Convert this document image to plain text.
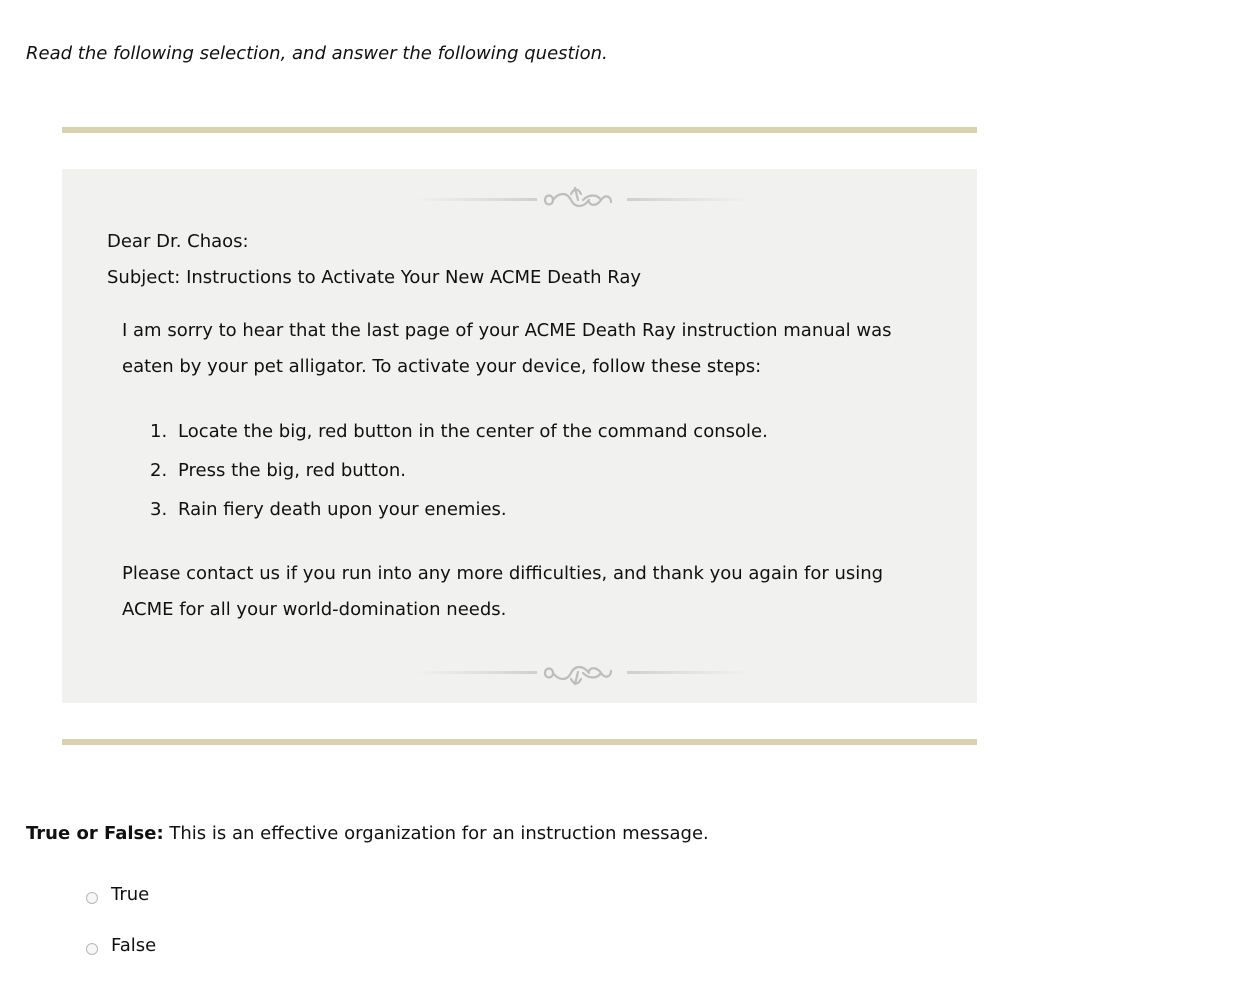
Read the following selection, and answer the following question.

Dear Dr. Chaos:

Subject: Instructions to Activate Your New ACME Death Ray

I am sorry to hear that the last page of your ACME Death Ray instruction manual was eaten by your pet alligator. To activate your device, follow these steps:

1. Locate the big, red button in the center of the command console.
2. Press the big, red button.
3. Rain fiery death upon your enemies.

Please contact us if you run into any more difficulties, and thank you again for using ACME for all your world-domination needs.

True or False: This is an effective organization for an instruction message.

True
False
